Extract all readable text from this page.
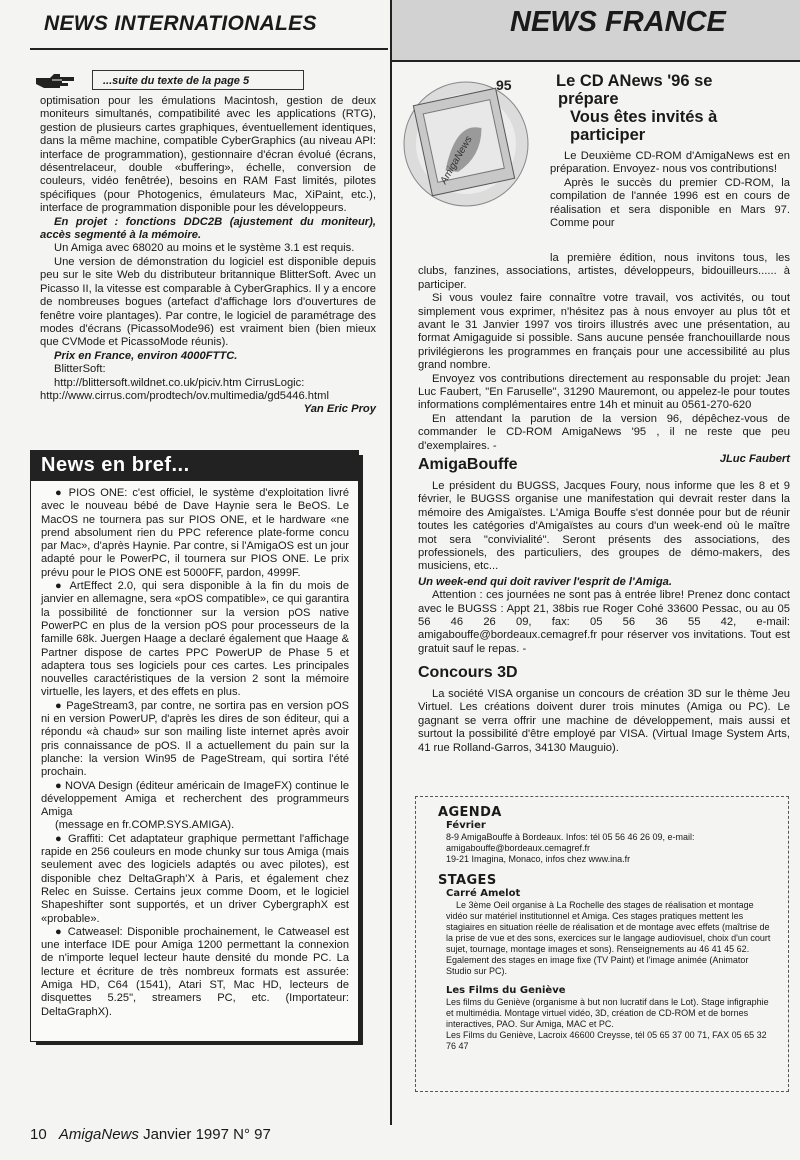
NEWS INTERNATIONALES	NEWS FRANCE
...suite du texte de la page 5

optimisation pour les émulations Macintosh, gestion de deux moniteurs simultanés, compatibilité avec les applications (RTG), gestion de plusieurs cartes graphiques, éventuellement identiques, dans la même machine, compatible CyberGraphics (au niveau API: interface de programmation), gestionnaire d'écran évolué (écrans, désentrelaceur, double «buffering», échelle, conversion de couleurs, vidéo fenêtrée), besoins en RAM Fast limités, pilotes spécifiques (pour Photogenics, émulateurs Mac, XiPaint, etc.), interface de programmation disponible pour les développeurs.

En projet : fonctions DDC2B (ajustement du moniteur), accès segmenté à la mémoire.

Un Amiga avec 68020 au moins et le système 3.1 est requis.

Une version de démonstration du logiciel est disponible depuis peu sur le site Web du distributeur britannique BlitterSoft. Avec un Picasso II, la vitesse est comparable à CyberGraphics. Il y a encore de nombreuses bogues (artefact d'affichage lors d'ouvertures de fenêtre voire plantages). Par contre, le logiciel de paramétrage des modes d'écrans (PicassoMode96) est vraiment bien (bien mieux que CVMode et PicassoMode réunis).

Prix en France, environ 4000FTTC.

BlitterSoft:

http://blittersoft.wildnet.co.uk/piciv.htm CirrusLogic: http://www.cirrus.com/prodtech/ov.multimedia/gd5446.html

Yan Eric Proy

News en bref...

● PIOS ONE: c'est officiel, le système d'exploitation livré avec le nouveau bébé de Dave Haynie sera le BeOS. Le MacOS ne tournera pas sur PIOS ONE, et le hardware «ne prend absolument rien du PPC reference plate-forme concu par Mac», d'après Haynie. Par contre, si l'AmigaOS est un jour adapté pour le PowerPC, il tournera sur PIOS ONE. Le prix prévu pour le PIOS ONE est 5000FF, pardon, 4999F.

● ArtEffect 2.0, qui sera disponible à la fin du mois de janvier en allemagne, sera «pOS compatible», ce qui garantira la possibilité de fonctionner sur la version pOS native PowerPC en plus de la version pOS pour processeurs de la famille 68k. Juergen Haage a declaré également que Haage & Partner dispose de cartes PPC PowerUP de Phase 5 et adaptera tous ses logiciels pour ces cartes. Les principales nouvelles caractéristiques de la version 2 sont la mémoire virtuelle, les layers, et des effets en plus.

● PageStream3, par contre, ne sortira pas en version pOS ni en version PowerUP, d'après les dires de son éditeur, qui a répondu «à chaud» sur son mailing liste internet après avoir pris connaissance de pOS. Il a actuellement du pain sur la planche: la version Win95 de PageStream, qui sortira l'été prochain.

● NOVA Design (éditeur américain de ImageFX) continue le développement Amiga et recherchent des programmeurs Amiga

(message en fr.COMP.SYS.AMIGA).

● Graffiti: Cet adaptateur graphique permettant l'affichage rapide en 256 couleurs en mode chunky sur tous Amiga (mais seulement avec des logiciels adaptés ou avec pilotes), est disponible chez DeltaGraph'X à Paris, et également chez Relec en Suisse. Certains jeux comme Doom, et le logiciel Shapeshifter sont supportés, et un driver CybergraphX est «probable».

● Catweasel: Disponible prochainement, le Catweasel est une interface IDE pour Amiga 1200 permettant la connexion de n'importe lequel lecteur haute densité du monde PC. La lecture et écriture de très nombreux formats est assurée: Amiga HD, C64 (1541), Atari ST, Mac HD, lecteurs de disquettes 5.25", streamers PC, etc. (Importateur: DeltaGraphX).

95
AmigaNews
Le CD ANews '96 se
prépare
Vous êtes invités à
participer

Le Deuxième CD-ROM d'AmigaNews est en préparation. Envoyez- nous vos contributions!

Après le succès du premier CD-ROM, la compilation de l'année 1996 est en cours de réalisation et sera disponible en Mars 97. Comme pour

la première édition, nous invitons tous, les clubs, fanzines, associations, artistes, développeurs, bidouilleurs...... à participer.

Si vous voulez faire connaître votre travail, vos activités, ou tout simplement vous exprimer, n'hésitez pas à nous envoyer au plus tôt et avant le 31 Janvier 1997 vos tiroirs illustrés avec une présentation, au format Amigaguide si possible. Sans aucune pensée franchouillarde nous privilégierons les programmes en français pour une accessibilité au plus grand nombre.

Envoyez vos contributions directement au responsable du projet: Jean Luc Faubert, "En Faruselle", 31290 Mauremont, ou appelez-le pour toutes informations complémentaires entre 14h et minuit au 0561-270-620

En attendant la parution de la version 96, dépêchez-vous de commander le CD-ROM AmigaNews '95 , il ne reste que peu d'exemplaires. -

JLuc Faubert

AmigaBouffe

Le président du BUGSS, Jacques Foury, nous informe que les 8 et 9 février, le BUGSS organise une manifestation qui devrait rester dans la mémoire des Amigaïstes. L'Amiga Bouffe s'est donnée pour but de réunir toutes les catégories d'Amigaïstes au cours d'un week-end où le maître mot sera "convivialité". Seront présents des associations, des professionels, des particuliers, des groupes de démo-makers, des musiciens, etc...

Un week-end qui doit raviver l'esprit de l'Amiga.

Attention : ces journées ne sont pas à entrée libre! Prenez donc contact avec le BUGSS : Appt 21, 38bis rue Roger Cohé 33600 Pessac, ou au 05 56 46 26 09, fax: 05 56 36 55 42, e-mail: amigabouffe@bordeaux.cemagref.fr pour réserver vos invitations. Tout est gratuit sauf le repas. -

Concours 3D

La société VISA organise un concours de création 3D sur le thème Jeu Virtuel. Les créations doivent durer trois minutes (Amiga ou PC). Le gagnant se verra offrir une machine de développement, mais aussi et surtout la possibilité d'être employé par VISA. (Virtual Image System Arts, 41 rue Rolland-Garros, 34130 Mauguio).

AGENDA

Février

8-9 AmigaBouffe à Bordeaux. Infos: tél 05 56 46 26 09, e-mail: amigabouffe@bordeaux.cemagref.fr

19-21 Imagina, Monaco, infos chez www.ina.fr

STAGES

Carré Amelot

Le 3ème Oeil organise à La Rochelle des stages de réalisation et montage vidéo sur matériel institutionnel et Amiga. Ces stages pratiques mettent les stagiaires en situation réelle de réalisation et de montage avec effets (maîtrise de la prise de vue et des sons, exercices sur le langage audiovisuel, choix d'un court sujet, tournage, montage images et sons). Renseignements au 46 41 45 62. Egalement des stages en image fixe (TV Paint) et l'image animée (Animator Studio sur PC).

Les Films du Geniève

Les films du Geniève (organisme à but non lucratif dans le Lot). Stage infigraphie et multimédia. Montage virtuel vidéo, 3D, création de CD-ROM et de bornes interactives, PAO. Sur Amiga, MAC et PC.

Les Films du Geniève, Lacroix 46600 Creysse, tél 05 65 37 00 71, FAX 05 65 32 76 47

10 AmigaNews Janvier 1997 N° 97
